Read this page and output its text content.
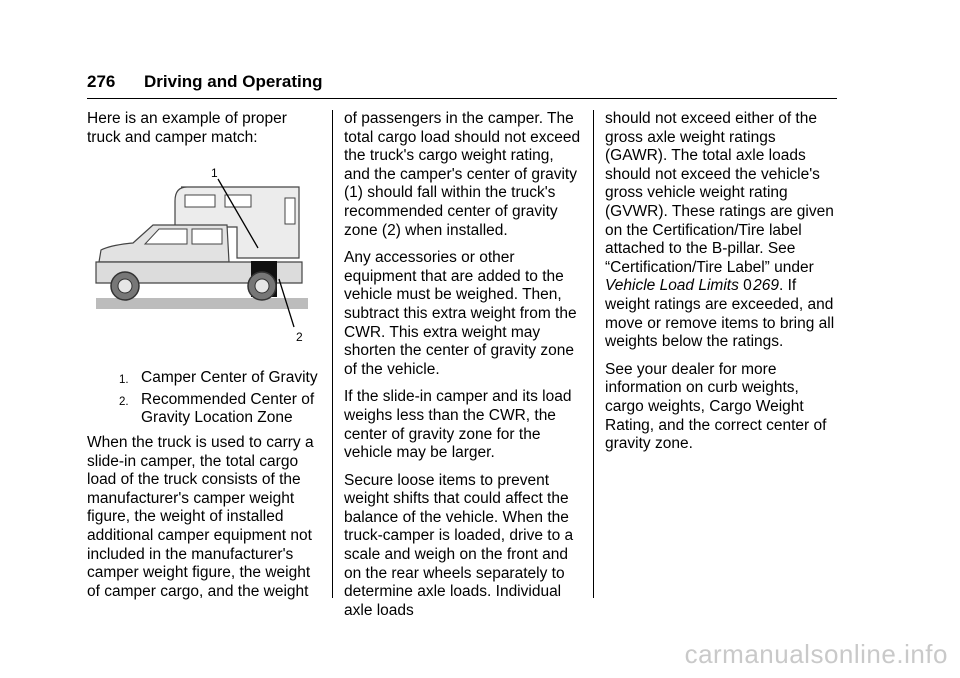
276 Driving and Operating

Here is an example of proper truck and camper match:

1
2
1. Camper Center of Gravity
2. Recommended Center of Gravity Location Zone

When the truck is used to carry a slide-in camper, the total cargo load of the truck consists of the manufacturer's camper weight figure, the weight of installed additional camper equipment not included in the manufacturer's camper weight figure, the weight of camper cargo, and the weight

of passengers in the camper. The total cargo load should not exceed the truck's cargo weight rating, and the camper's center of gravity (1) should fall within the truck's recommended center of gravity zone (2) when installed.

Any accessories or other equipment that are added to the vehicle must be weighed. Then, subtract this extra weight from the CWR. This extra weight may shorten the center of gravity zone of the vehicle.

If the slide-in camper and its load weighs less than the CWR, the center of gravity zone for the vehicle may be larger.

Secure loose items to prevent weight shifts that could affect the balance of the vehicle. When the truck-camper is loaded, drive to a scale and weigh on the front and on the rear wheels separately to determine axle loads. Individual axle loads

should not exceed either of the gross axle weight ratings (GAWR). The total axle loads should not exceed the vehicle's gross vehicle weight rating (GVWR). These ratings are given on the Certification/Tire label attached to the B-pillar. See “Certification/Tire Label” under Vehicle Load Limits 0 269. If weight ratings are exceeded, and move or remove items to bring all weights below the ratings.

See your dealer for more information on curb weights, cargo weights, Cargo Weight Rating, and the correct center of gravity zone.

carmanualsonline.info
